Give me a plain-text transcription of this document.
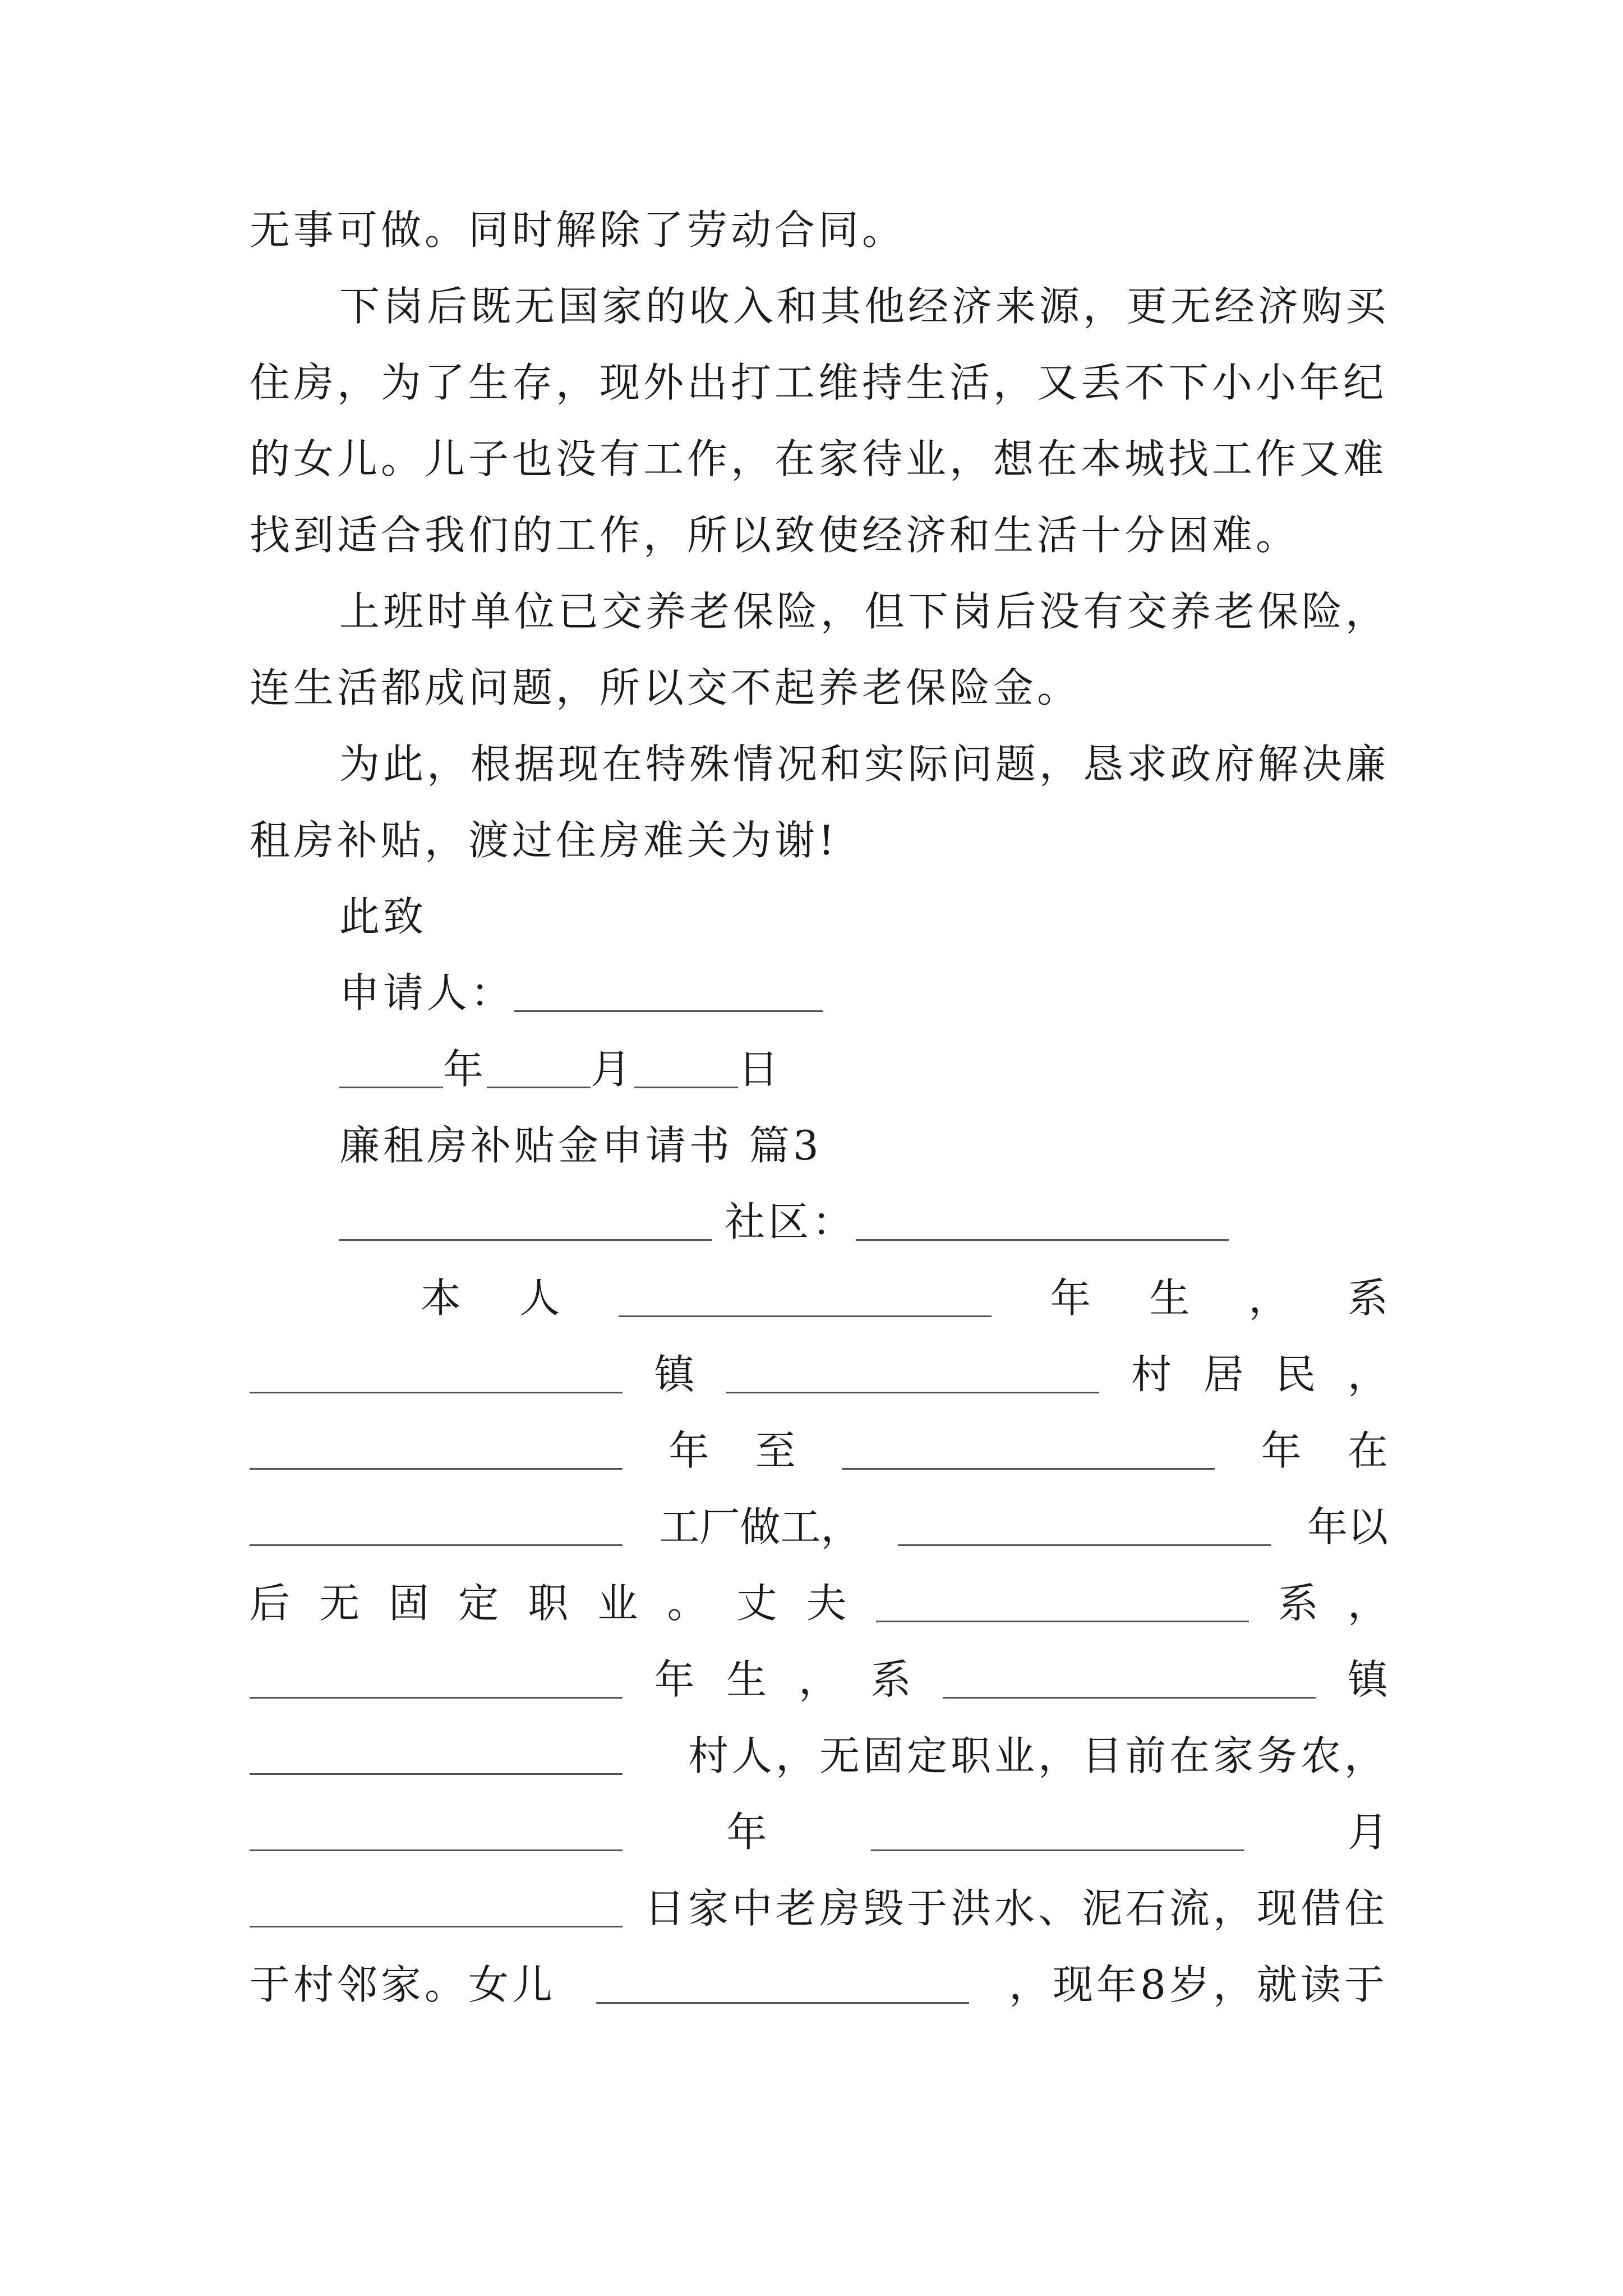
无事可做。同时解除了劳动合同。
下岗后既无国家的收入和其他经济来源，更无经济购买
住房，为了生存，现外出打工维持生活，又丢不下小小年纪
的女儿。儿子也没有工作，在家待业，想在本城找工作又难
找到适合我们的工作，所以致使经济和生活十分困难。
上班时单位已交养老保险，但下岗后没有交养老保险，
连生活都成问题，所以交不起养老保险金。
为此，根据现在特殊情况和实际问题，恳求政府解决廉
租房补贴，渡过住房难关为谢!
此致
申请人：
年	月	日
廉租房补贴金申请书 篇3
社区：
本 人	年 生 ， 系
镇	村 居 民 ，
年 至	年 在
工厂做工，	年以
后 无 固 定 职 业 。 丈 夫	系 ，
年 生 ， 系	镇
村人，无固定职业，目前在家务农，
年	月
日家中老房毁于洪水、泥石流，现借住
于村邻家。女儿	，现年8岁，就读于
